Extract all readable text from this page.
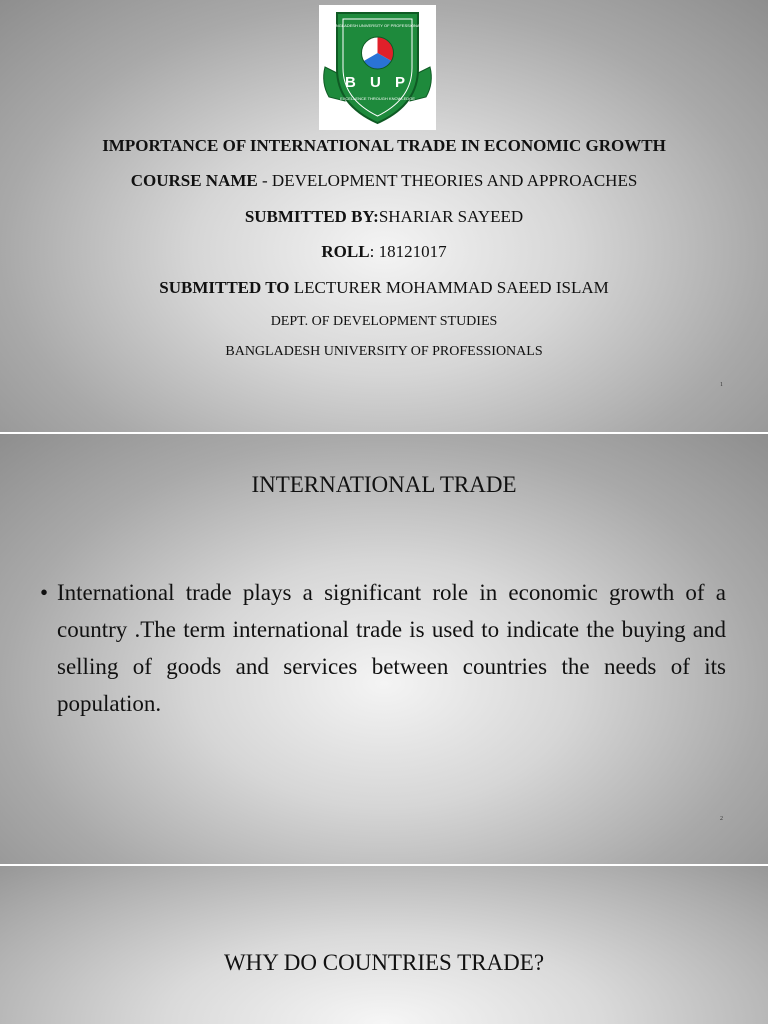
BANGLADESH UNIVERSITY OF PROFESSIONALS
B U P
EXCELLENCE THROUGH KNOWLEDGE
IMPORTANCE OF INTERNATIONAL TRADE IN ECONOMIC GROWTH
COURSE NAME - DEVELOPMENT THEORIES AND APPROACHES
SUBMITTED BY:SHARIAR SAYEED
ROLL: 18121017
SUBMITTED TO LECTURER MOHAMMAD SAEED ISLAM
DEPT. OF DEVELOPMENT STUDIES
BANGLADESH UNIVERSITY OF PROFESSIONALS
1
INTERNATIONAL TRADE
• International trade plays a significant role in economic growth of a country .The term international trade is used to indicate the buying and selling of goods and services between countries the needs of its population.
2
WHY DO COUNTRIES TRADE?
